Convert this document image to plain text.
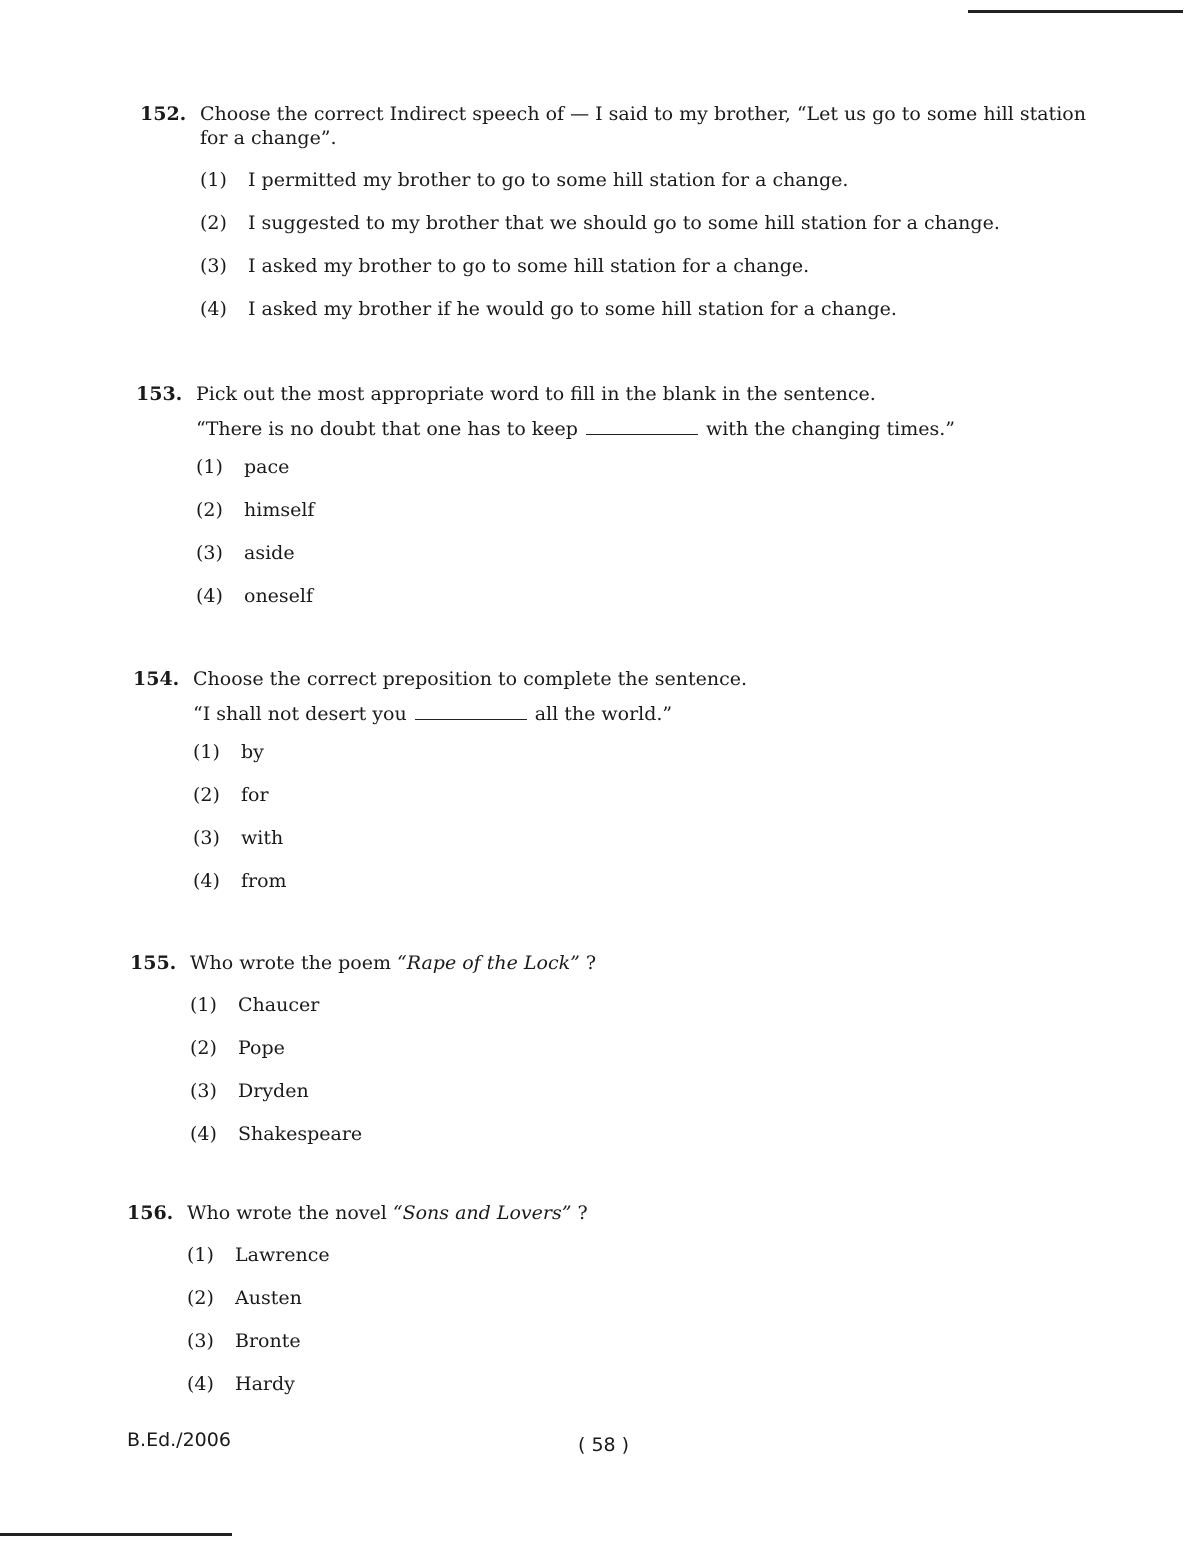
152. Choose the correct Indirect speech of — I said to my brother, “Let us go to some hill station for a change”.
(1)	I permitted my brother to go to some hill station for a change.
(2)	I suggested to my brother that we should go to some hill station for a change.
(3)	I asked my brother to go to some hill station for a change.
(4)	I asked my brother if he would go to some hill station for a change.
153. Pick out the most appropriate word to fill in the blank in the sentence.
“There is no doubt that one has to keep	with the changing times.”
(1)	pace
(2)	himself
(3)	aside
(4)	oneself
154. Choose the correct preposition to complete the sentence.
“I shall not desert you	all the world.”
(1)	by
(2)	for
(3)	with
(4)	from
155. Who wrote the poem “Rape of the Lock” ?
(1)	Chaucer
(2)	Pope
(3)	Dryden
(4)	Shakespeare
156. Who wrote the novel “Sons and Lovers” ?
(1)	Lawrence
(2)	Austen
(3)	Bronte
(4)	Hardy
B.Ed./2006	( 58 )
